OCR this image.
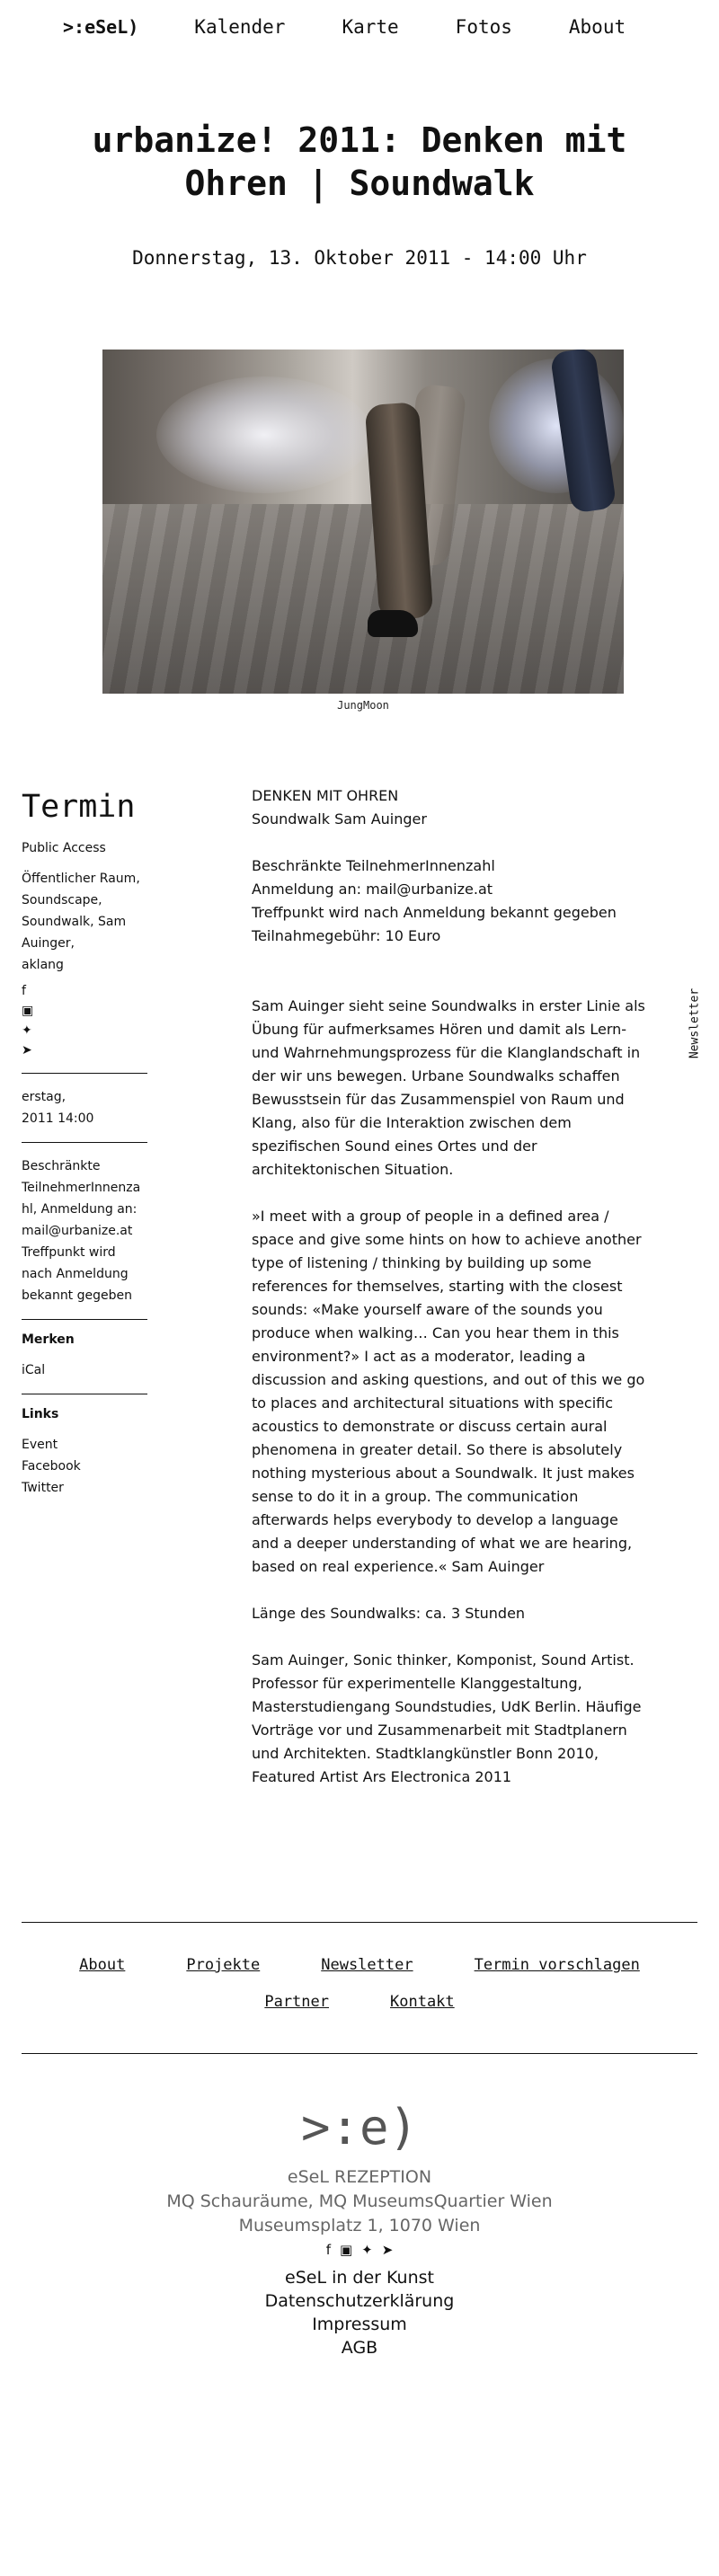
>:eSeL)	Kalender	Karte	Fotos	About
urbanize! 2011: Denken mit Ohren | Soundwalk
Donnerstag, 13. Oktober 2011 - 14:00 Uhr
JungMoon
Termin
Public Access
Öffentlicher Raum,
Soundscape,
Soundwalk, Sam
Auinger,
aklang
f
▣
✦
➤
erstag,
2011 14:00
Beschränkte
TeilnehmerInnenza
hl, Anmeldung an:
mail@urbanize.at
Treffpunkt wird
nach Anmeldung
bekannt gegeben
Merken
iCal
Links
Event
Facebook
Twitter
Newsletter

DENKEN MIT OHREN
Soundwalk Sam Auinger

Beschränkte TeilnehmerInnenzahl
Anmeldung an: mail@urbanize.at
Treffpunkt wird nach Anmeldung bekannt gegeben
Teilnahmegebühr: 10 Euro

Sam Auinger sieht seine Soundwalks in erster Linie als Übung für aufmerksames Hören und damit als Lern- und Wahrnehmungsprozess für die Klanglandschaft in der wir uns bewegen. Urbane Soundwalks schaffen Bewusstsein für das Zusammenspiel von Raum und Klang, also für die Interaktion zwischen dem spezifischen Sound eines Ortes und der architektonischen Situation.

»I meet with a group of people in a defined area / space and give some hints on how to achieve another type of listening / thinking by building up some references for themselves, starting with the closest sounds: «Make yourself aware of the sounds you produce when walking… Can you hear them in this environment?» I act as a moderator, leading a discussion and asking questions, and out of this we go to places and architectural situations with specific acoustics to demonstrate or discuss certain aural phenomena in greater detail. So there is absolutely nothing mysterious about a Soundwalk. It just makes sense to do it in a group. The communication afterwards helps everybody to develop a language and a deeper understanding of what we are hearing, based on real experience.« Sam Auinger

Länge des Soundwalks: ca. 3 Stunden

Sam Auinger, Sonic thinker, Komponist, Sound Artist. Professor für experimentelle Klanggestaltung, Masterstudiengang Soundstudies, UdK Berlin. Häufige Vorträge vor und Zusammenarbeit mit Stadtplanern und Architekten. Stadtklangkünstler Bonn 2010, Featured Artist Ars Electronica 2011

About	Projekte	Newsletter	Termin vorschlagen
Partner	Kontakt
>:e)
eSeL REZEPTION
MQ Schauräume, MQ MuseumsQuartier Wien
Museumsplatz 1, 1070 Wien
f ▣ ✦ ➤
eSeL in der Kunst
Datenschutzerklärung
Impressum
AGB
